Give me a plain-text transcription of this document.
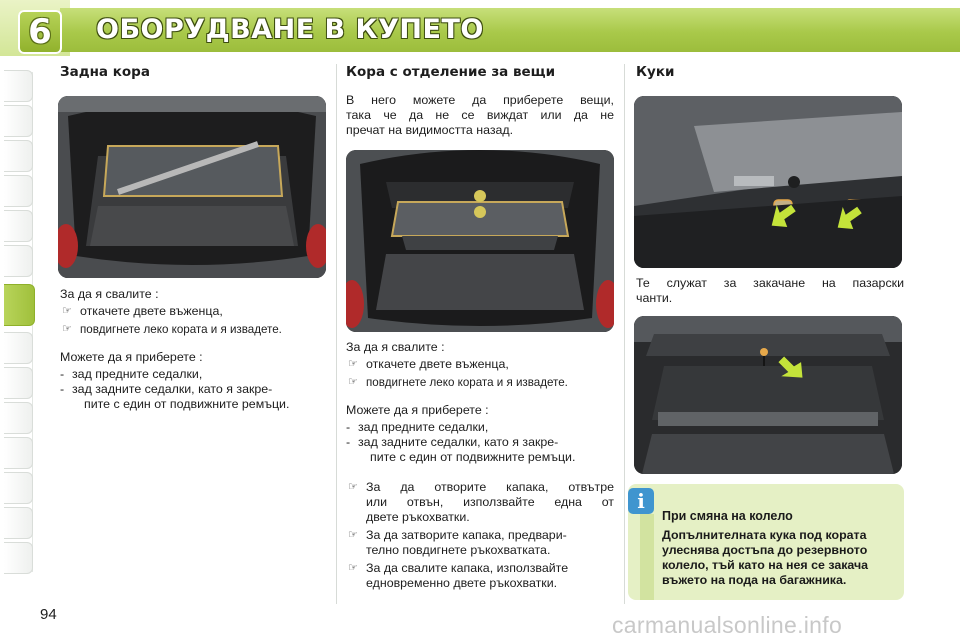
6	ОБОРУДВАНЕ В КУПЕТО
Задна кора

За да я свалите :

☞ откачете двете въженца,

☞ повдигнете леко кората и я извадете.

Можете да я приберете :

- зад предните седалки,

- зад задните седалки, като я закре-

пите с един от подвижните ремъци.

Кора с отделение за вещи

В него можете да приберете вещи,

така че да не се виждат или да не

пречат на видимостта назад.

За да я свалите :

☞ откачете двете въженца,

☞ повдигнете леко кората и я извадете.

Можете да я приберете :

- зад предните седалки,

- зад задните седалки, като я закре-

пите с един от подвижните ремъци.

☞ За да отворите капака, отвътре

или отвън, използвайте една от

двете ръкохватки.

☞ За да затворите капака, предвари-

телно повдигнете ръкохватката.

☞ За да свалите капака, използвайте

едновременно двете ръкохватки.

Куки

Те служат за закачане на пазарски

чанти.

i
При смяна на колело

Допълнителната кука под кората

улеснява достъпа до резервното

колело, тъй като на нея се закача

въжето на пода на багажника.

94	carmanualsonline.info
